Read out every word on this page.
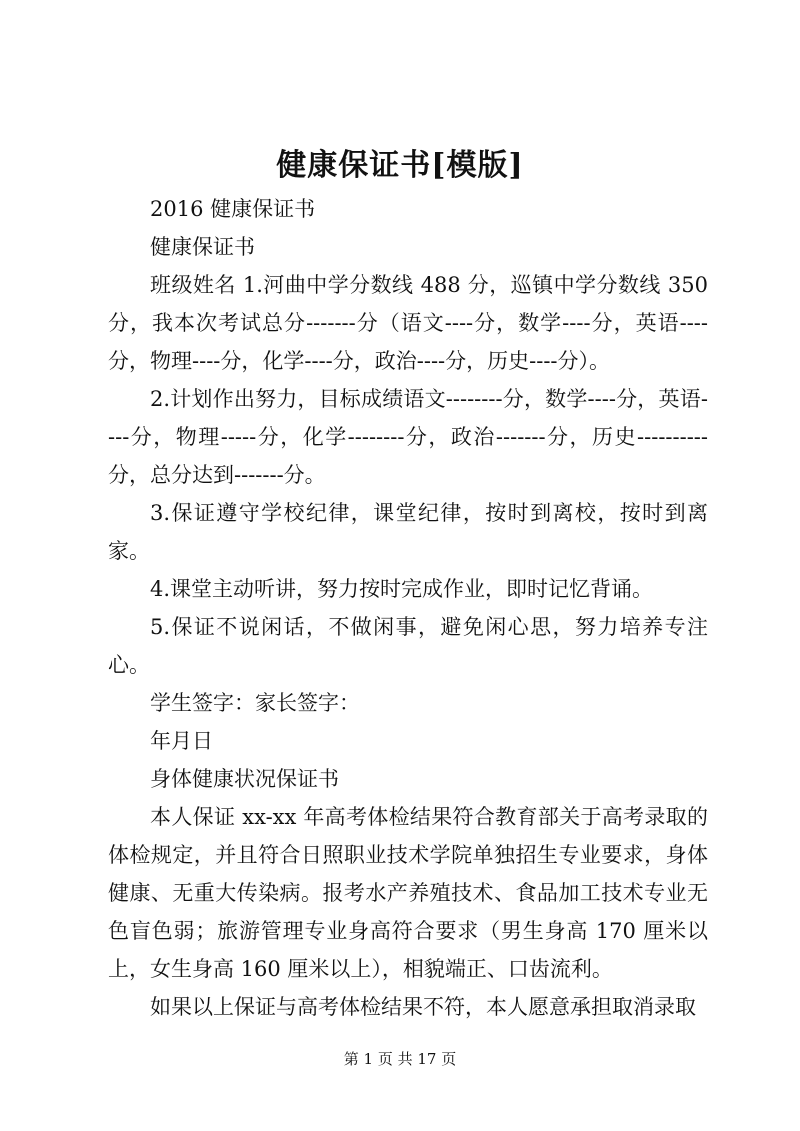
健康保证书[模版]

2016 健康保证书

健康保证书

班级姓名 1.河曲中学分数线 488 分，巡镇中学分数线 350 分，我本次考试总分-------分（语文----分，数学----分，英语----分，物理----分，化学----分，政治----分，历史----分）。

2.计划作出努力，目标成绩语文--------分，数学----分，英语----分，物理-----分，化学--------分，政治-------分，历史----------分，总分达到-------分。

3.保证遵守学校纪律，课堂纪律，按时到离校，按时到离家。

4.课堂主动听讲，努力按时完成作业，即时记忆背诵。

5.保证不说闲话，不做闲事，避免闲心思，努力培养专注心。

学生签字：家长签字：

年月日

身体健康状况保证书

本人保证 xx-xx 年高考体检结果符合教育部关于高考录取的体检规定，并且符合日照职业技术学院单独招生专业要求，身体健康、无重大传染病。报考水产养殖技术、食品加工技术专业无色盲色弱；旅游管理专业身高符合要求（男生身高 170 厘米以上，女生身高 160 厘米以上），相貌端正、口齿流利。

如果以上保证与高考体检结果不符，本人愿意承担取消录取

第 1 页 共 17 页
